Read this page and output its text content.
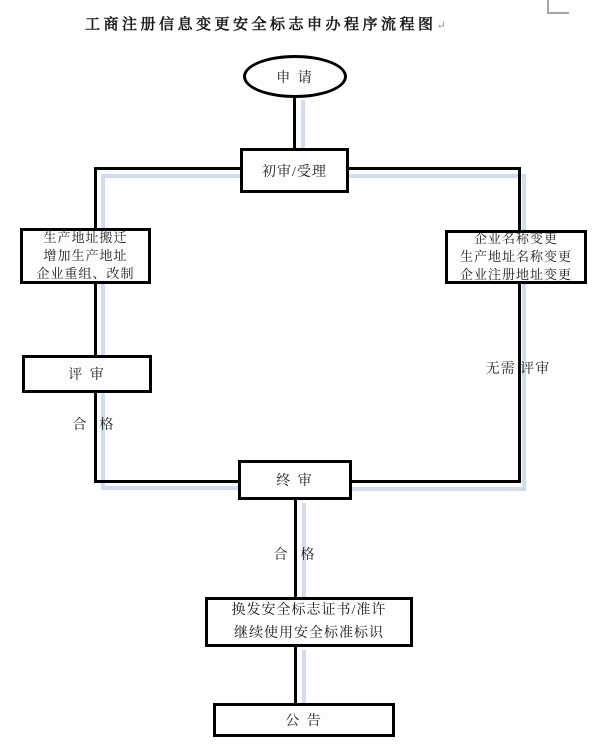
工商注册信息变更安全标志申办程序流程图↵
申 请
初审/受理
生产地址搬迁
增加生产地址
企业重组、改制
企业名称变更
生产地址名称变更
企业注册地址变更
评 审
终 审
换发安全标志证书/准许
继续使用安全标准标识
公 告
合  格
无需 评审
合  格
